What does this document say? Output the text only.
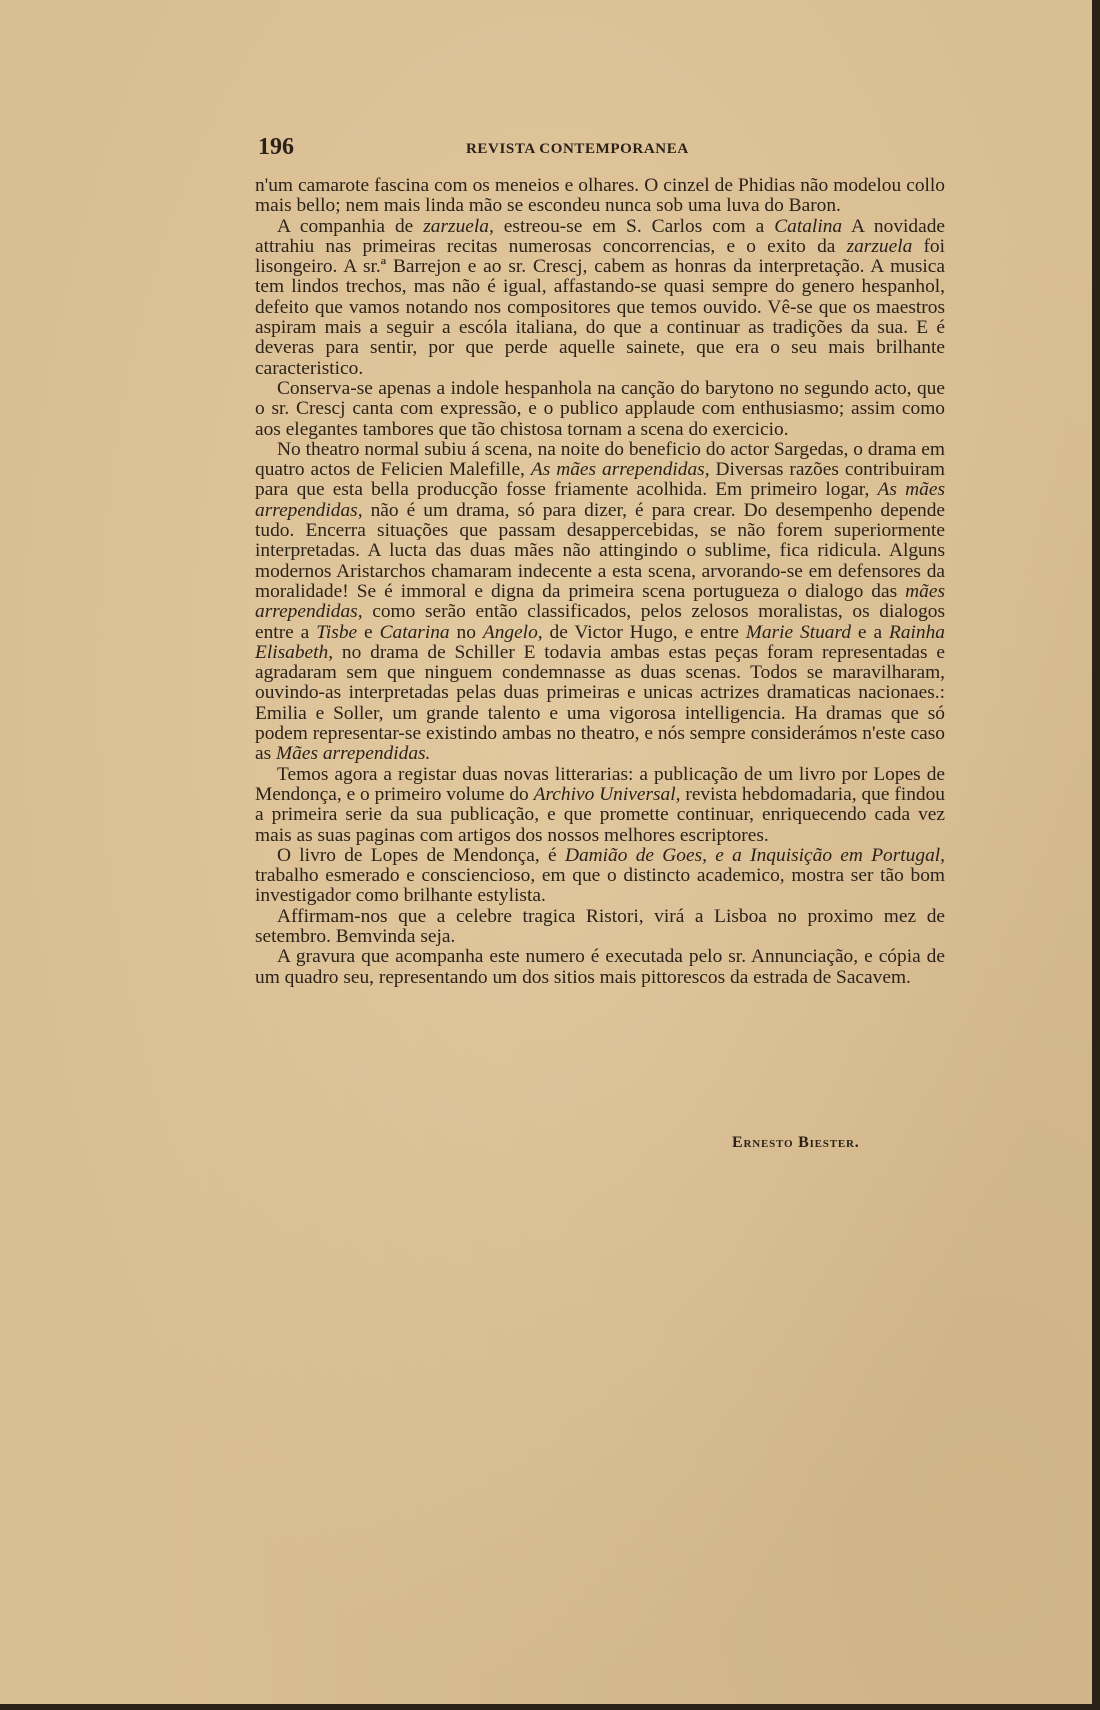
196	REVISTA CONTEMPORANEA

n'um camarote fascina com os meneios e olhares. O cinzel de Phidias não modelou collo mais bello; nem mais linda mão se escondeu nunca sob uma luva do Baron.

A companhia de zarzuela, estreou-se em S. Carlos com a Catalina A novidade attrahiu nas primeiras recitas numerosas concorrencias, e o exito da zarzuela foi lisongeiro. A sr.ª Barrejon e ao sr. Crescj, cabem as honras da interpretação. A musica tem lindos trechos, mas não é igual, affastando-se quasi sempre do genero hespanhol, defeito que vamos notando nos compositores que temos ouvido. Vê-se que os maestros aspiram mais a seguir a escóla italiana, do que a continuar as tradições da sua. E é deveras para sentir, por que perde aquelle sainete, que era o seu mais brilhante caracteristico.

Conserva-se apenas a indole hespanhola na canção do barytono no segundo acto, que o sr. Crescj canta com expressão, e o publico applaude com enthusiasmo; assim como aos elegantes tambores que tão chistosa tornam a scena do exercicio.

No theatro normal subiu á scena, na noite do beneficio do actor Sargedas, o drama em quatro actos de Felicien Malefille, As mães arrependidas, Diversas razões contribuiram para que esta bella producção fosse friamente acolhida. Em primeiro logar, As mães arrependidas, não é um drama, só para dizer, é para crear. Do desempenho depende tudo. Encerra situações que passam desappercebidas, se não forem superiormente interpretadas. A lucta das duas mães não attingindo o sublime, fica ridicula. Alguns modernos Aristarchos chamaram indecente a esta scena, arvorando-se em defensores da moralidade! Se é immoral e digna da primeira scena portugueza o dialogo das mães arrependidas, como serão então classificados, pelos zelosos moralistas, os dialogos entre a Tisbe e Catarina no Angelo, de Victor Hugo, e entre Marie Stuard e a Rainha Elisabeth, no drama de Schiller E todavia ambas estas peças foram representadas e agradaram sem que ninguem condemnasse as duas scenas. Todos se maravilharam, ouvindo-as interpretadas pelas duas primeiras e unicas actrizes dramaticas nacionaes.: Emilia e Soller, um grande talento e uma vigorosa intelligencia. Ha dramas que só podem representar-se existindo ambas no theatro, e nós sempre considerámos n'este caso as Mães arrependidas.

Temos agora a registar duas novas litterarias: a publicação de um livro por Lopes de Mendonça, e o primeiro volume do Archivo Universal, revista hebdomadaria, que findou a primeira serie da sua publicação, e que promette continuar, enriquecendo cada vez mais as suas paginas com artigos dos nossos melhores escriptores.

O livro de Lopes de Mendonça, é Damião de Goes, e a Inquisição em Portugal, trabalho esmerado e consciencioso, em que o distincto academico, mostra ser tão bom investigador como brilhante estylista.

Affirmam-nos que a celebre tragica Ristori, virá a Lisboa no proximo mez de setembro. Bemvinda seja.

A gravura que acompanha este numero é executada pelo sr. Annunciação, e cópia de um quadro seu, representando um dos sitios mais pittorescos da estrada de Sacavem.

Ernesto Biester.
